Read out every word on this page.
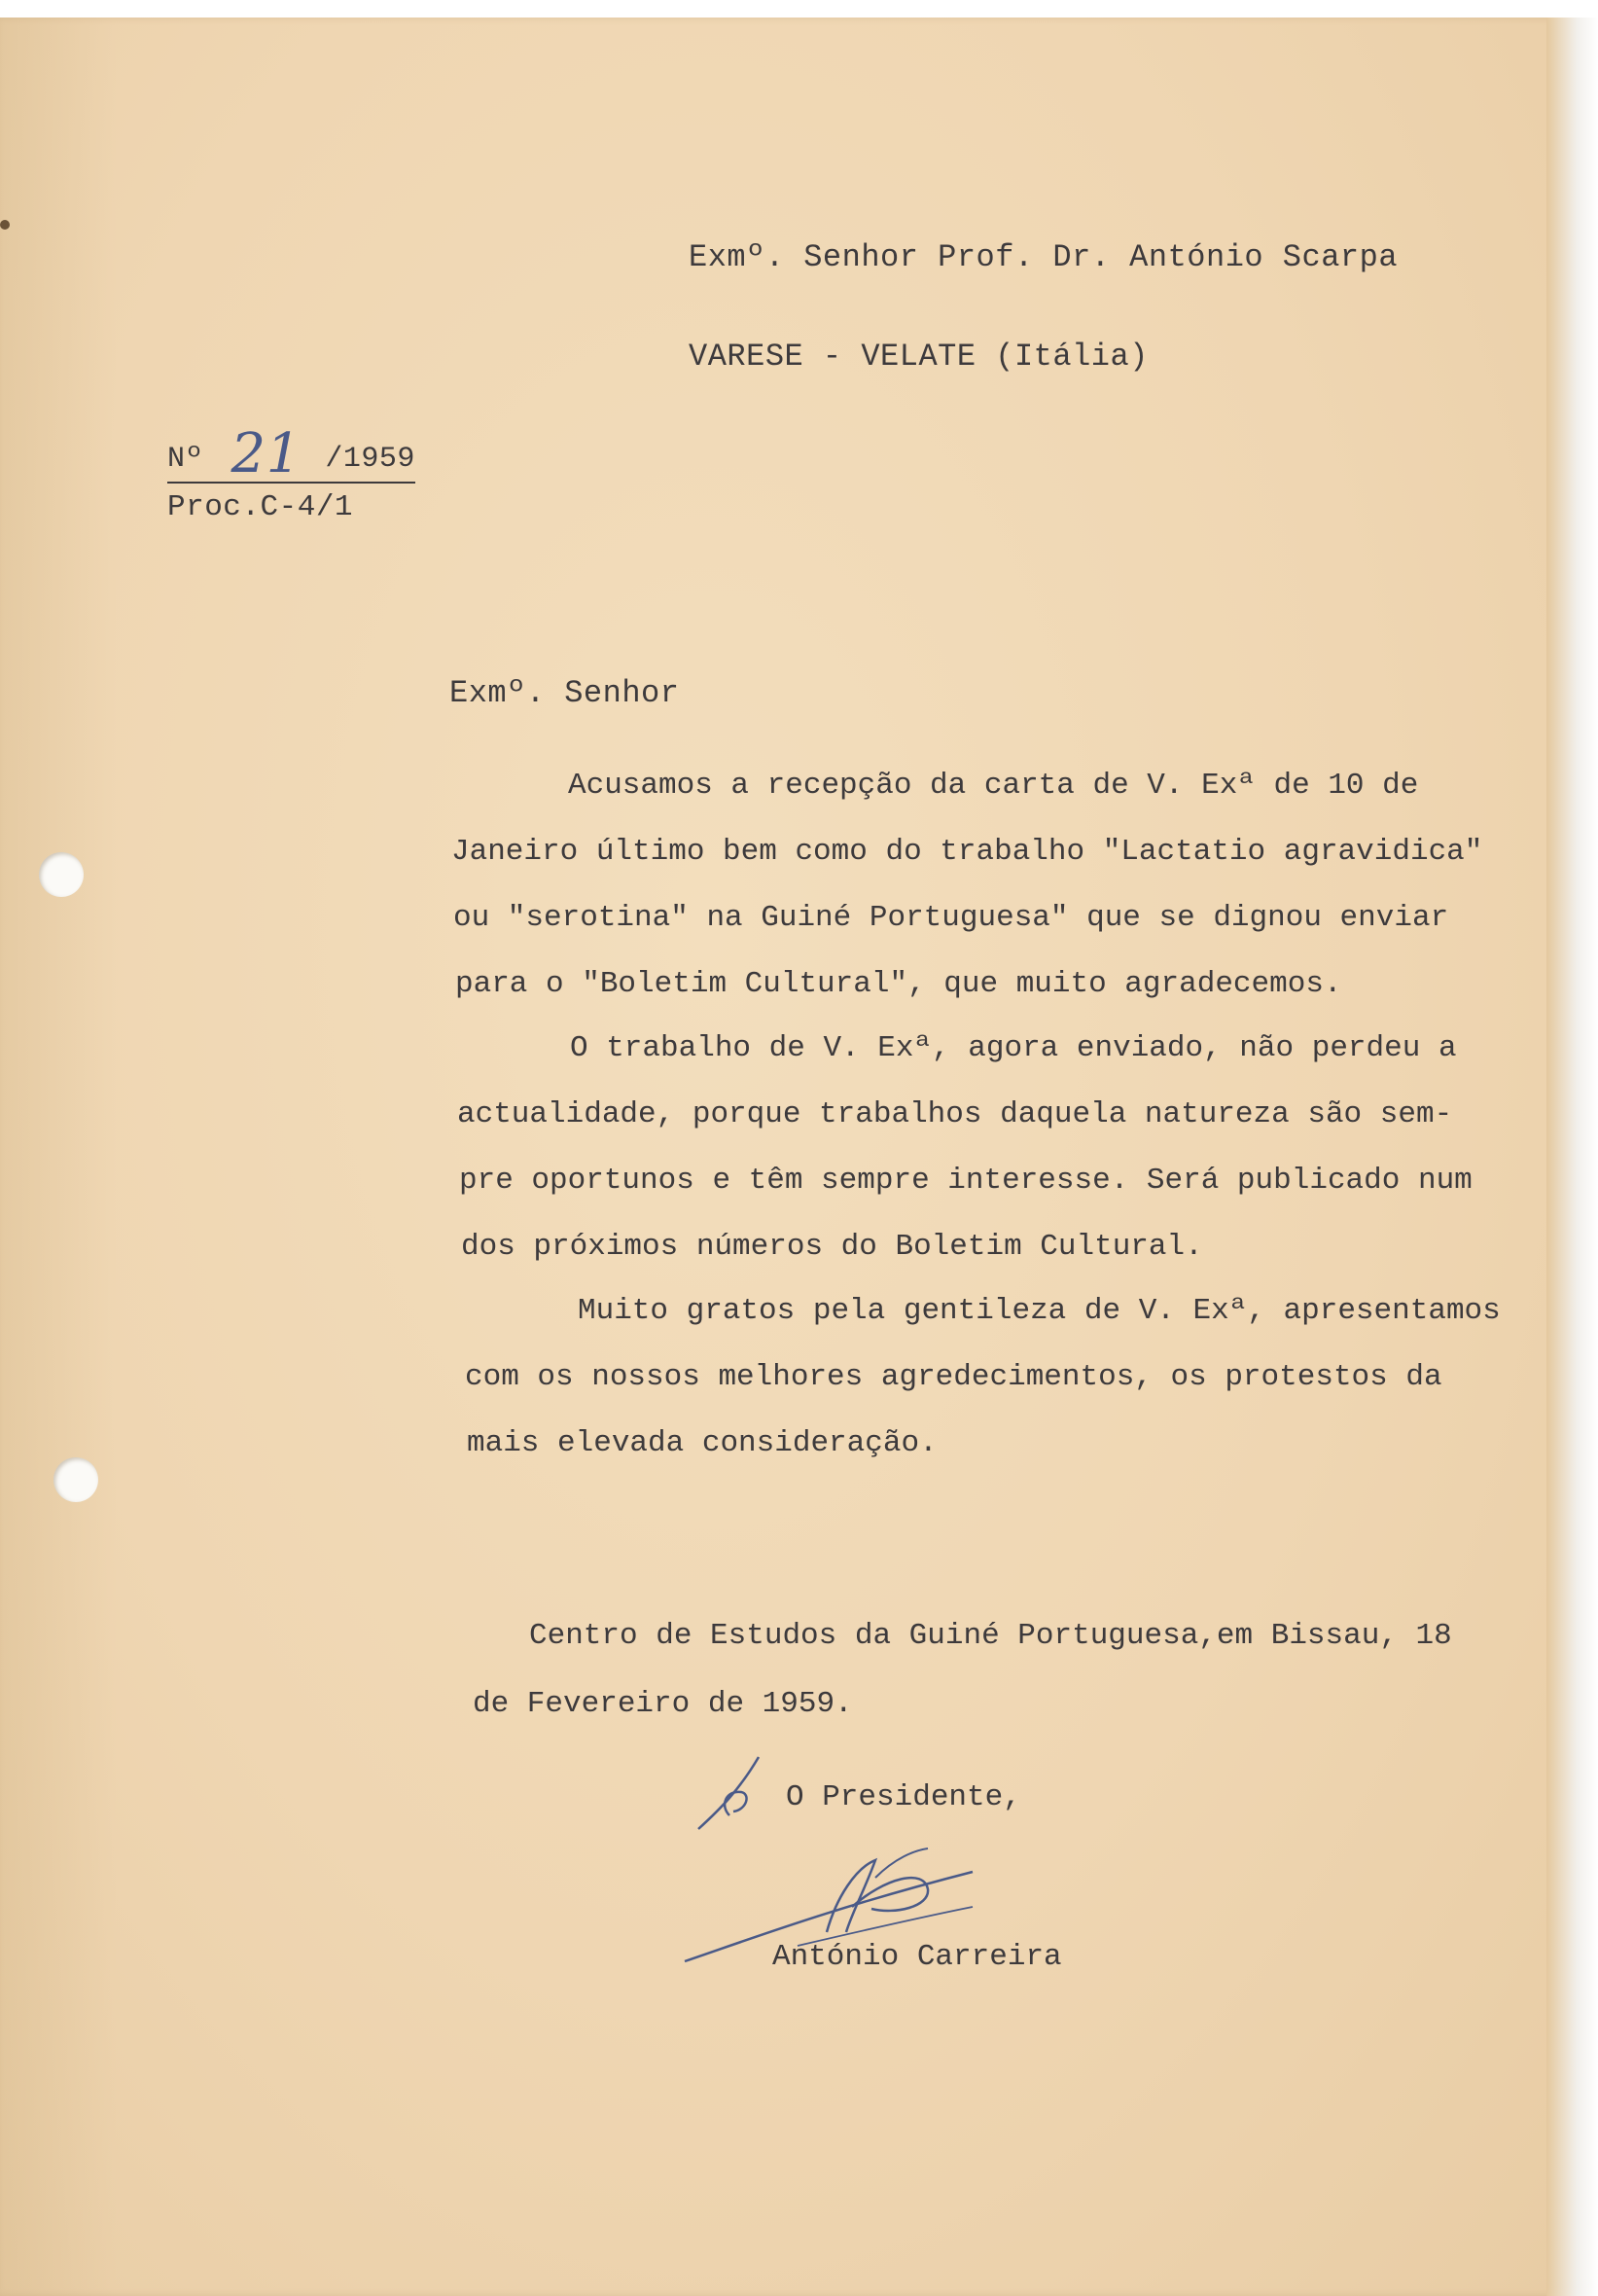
Exmº. Senhor Prof. Dr. António Scarpa
VARESE - VELATE (Itália)
Nº 21 /1959
Proc.C-4/1
Exmº. Senhor
Acusamos a recepção da carta de V. Exª de 10 de
Janeiro último bem como do trabalho "Lactatio agravidica"
ou "serotina" na Guiné Portuguesa" que se dignou enviar
para o "Boletim Cultural", que muito agradecemos.
O trabalho de V. Exª, agora enviado, não perdeu a
actualidade, porque trabalhos daquela natureza são sem-
pre oportunos e têm sempre interesse. Será publicado num
dos próximos números do Boletim Cultural.
Muito gratos pela gentileza de V. Exª, apresentamos
com os nossos melhores agredecimentos, os protestos da
mais elevada consideração.
Centro de Estudos da Guiné Portuguesa,em Bissau, 18
de Fevereiro de 1959.
O Presidente,
António Carreira
